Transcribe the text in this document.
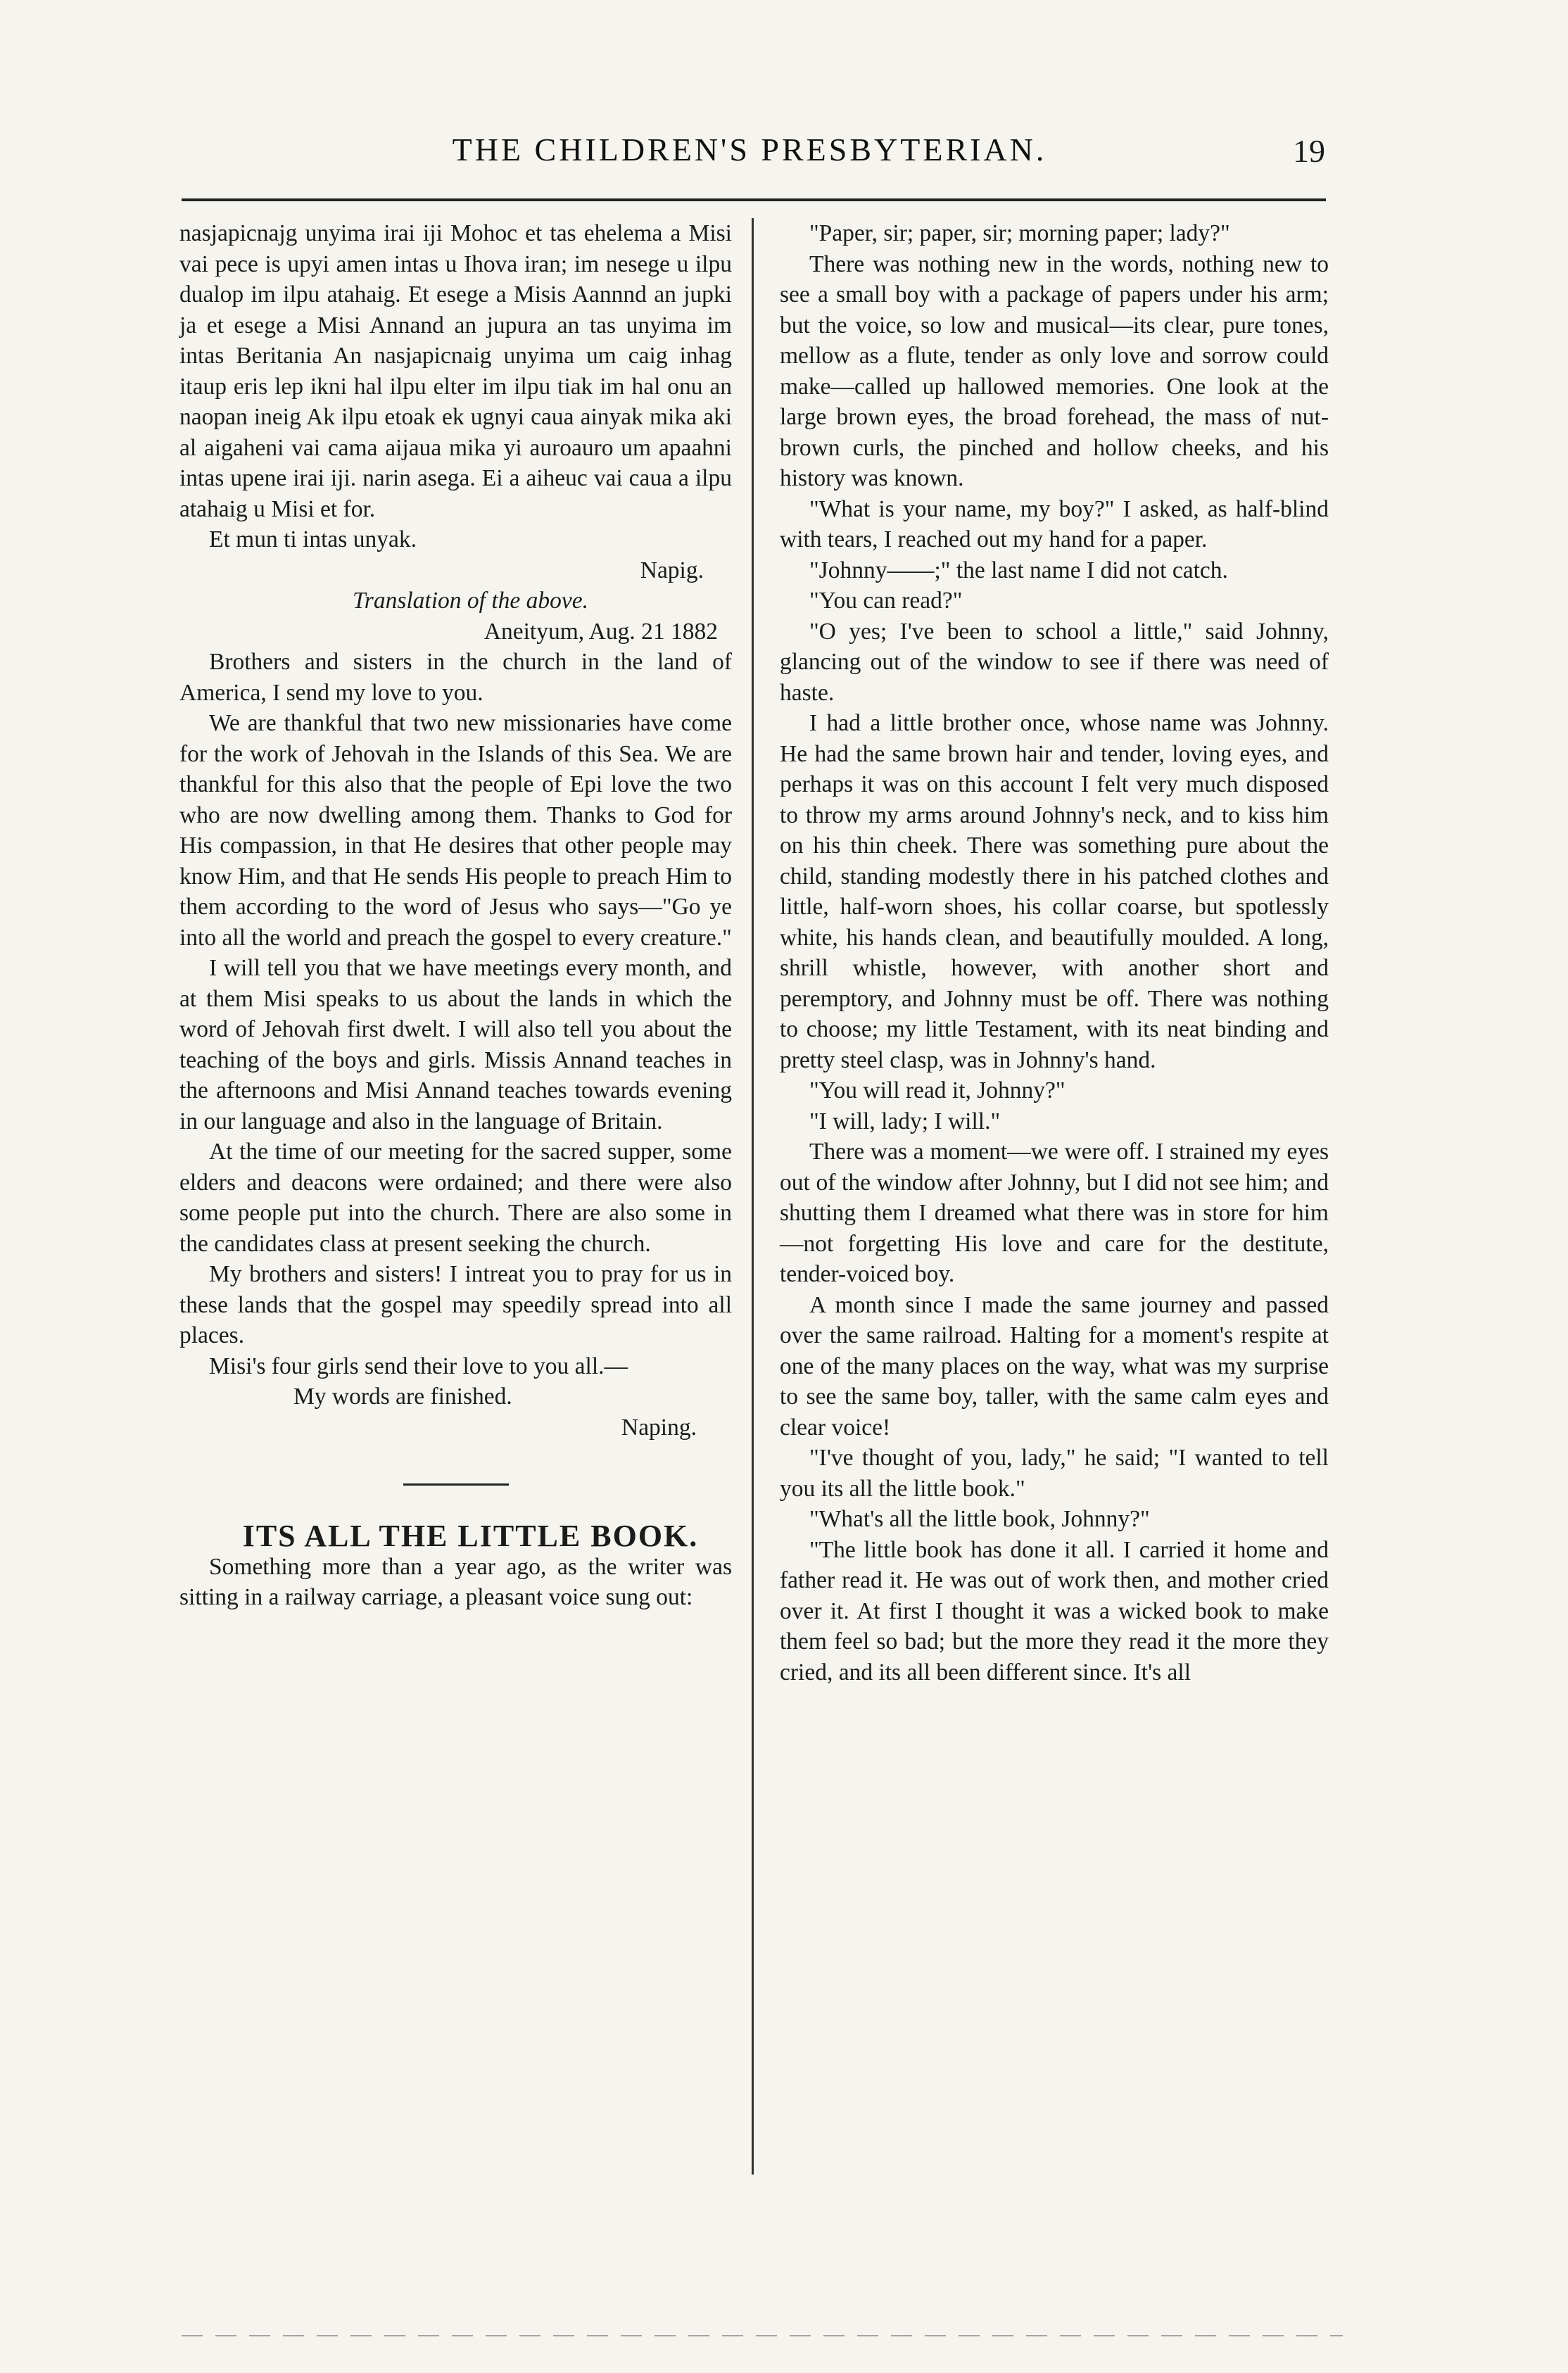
THE CHILDREN'S PRESBYTERIAN.	19

nasjapicnajg unyima irai iji Mohoc et tas ehelema a Misi vai pece is upyi amen intas u Ihova iran; im nesege u ilpu dualop im ilpu atahaig. Et esege a Misis Aannnd an jupki ja et esege a Misi Annand an jupura an tas unyima im intas Beritania An nasjapicnaig unyima um caig inhag itaup eris lep ikni hal ilpu elter im ilpu tiak im hal onu an naopan ineig Ak ilpu etoak ek ugnyi caua ainyak mika aki al aigaheni vai cama aijaua mika yi auroauro um apaahni intas upene irai iji. narin asega. Ei a aiheuc vai caua a ilpu atahaig u Misi et for.

Et mun ti intas unyak.

Napig.

Translation of the above.

Aneityum, Aug. 21 1882

Brothers and sisters in the church in the land of America, I send my love to you.

We are thankful that two new missionaries have come for the work of Jehovah in the Islands of this Sea. We are thankful for this also that the people of Epi love the two who are now dwelling among them. Thanks to God for His compassion, in that He desires that other people may know Him, and that He sends His people to preach Him to them according to the word of Jesus who says—"Go ye into all the world and preach the gospel to every creature."

I will tell you that we have meetings every month, and at them Misi speaks to us about the lands in which the word of Jehovah first dwelt. I will also tell you about the teaching of the boys and girls. Missis Annand teaches in the afternoons and Misi Annand teaches towards evening in our language and also in the language of Britain.

At the time of our meeting for the sacred supper, some elders and deacons were ordained; and there were also some people put into the church. There are also some in the candidates class at present seeking the church.

My brothers and sisters! I intreat you to pray for us in these lands that the gospel may speedily spread into all places.

Misi's four girls send their love to you all.—

My words are finished.

Naping.

ITS ALL THE LITTLE BOOK.

Something more than a year ago, as the writer was sitting in a railway carriage, a pleasant voice sung out:

"Paper, sir; paper, sir; morning paper; lady?"

There was nothing new in the words, nothing new to see a small boy with a package of papers under his arm; but the voice, so low and musical—its clear, pure tones, mellow as a flute, tender as only love and sorrow could make—called up hallowed memories. One look at the large brown eyes, the broad forehead, the mass of nut-brown curls, the pinched and hollow cheeks, and his history was known.

"What is your name, my boy?" I asked, as half-blind with tears, I reached out my hand for a paper.

"Johnny——;" the last name I did not catch.

"You can read?"

"O yes; I've been to school a little," said Johnny, glancing out of the window to see if there was need of haste.

I had a little brother once, whose name was Johnny. He had the same brown hair and tender, loving eyes, and perhaps it was on this account I felt very much disposed to throw my arms around Johnny's neck, and to kiss him on his thin cheek. There was something pure about the child, standing modestly there in his patched clothes and little, half-worn shoes, his collar coarse, but spotlessly white, his hands clean, and beautifully moulded. A long, shrill whistle, however, with another short and peremptory, and Johnny must be off. There was nothing to choose; my little Testament, with its neat binding and pretty steel clasp, was in Johnny's hand.

"You will read it, Johnny?"

"I will, lady; I will."

There was a moment—we were off. I strained my eyes out of the window after Johnny, but I did not see him; and shutting them I dreamed what there was in store for him—not forgetting His love and care for the destitute, tender-voiced boy.

A month since I made the same journey and passed over the same railroad. Halting for a moment's respite at one of the many places on the way, what was my surprise to see the same boy, taller, with the same calm eyes and clear voice!

"I've thought of you, lady," he said; "I wanted to tell you its all the little book."

"What's all the little book, Johnny?"

"The little book has done it all. I carried it home and father read it. He was out of work then, and mother cried over it. At first I thought it was a wicked book to make them feel so bad; but the more they read it the more they cried, and its all been different since. It's all
